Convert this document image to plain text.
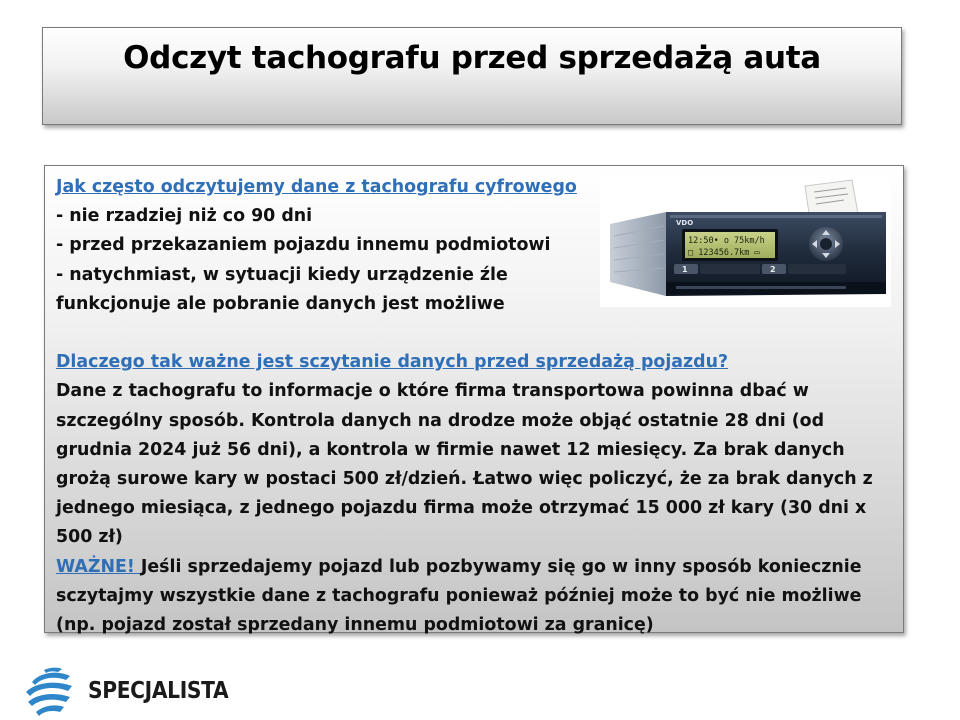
Odczyt tachografu przed sprzedażą auta
Jak często odczytujemy dane z tachografu cyfrowego
- nie rzadziej niż co 90 dni
- przed przekazaniem pojazdu innemu podmiotowi
- natychmiast, w sytuacji kiedy urządzenie źle
funkcjonuje ale pobranie danych jest możliwe
Dlaczego tak ważne jest sczytanie danych przed sprzedażą pojazdu?
Dane z tachografu to informacje o które firma transportowa powinna dbać w
szczególny sposób. Kontrola danych na drodze może objąć ostatnie 28 dni (od
grudnia 2024 już 56 dni), a kontrola w firmie nawet 12 miesięcy. Za brak danych
grożą surowe kary w postaci 500 zł/dzień. Łatwo więc policzyć, że za brak danych z
jednego miesiąca, z jednego pojazdu firma może otrzymać 15 000 zł kary (30 dni x
500 zł)
WAŻNE! Jeśli sprzedajemy pojazd lub pozbywamy się go w inny sposób koniecznie
sczytajmy wszystkie dane z tachografu ponieważ później może to być nie możliwe
(np. pojazd został sprzedany innemu podmiotowi za granicę)
VDO
12:50• o 75km/h
□ 123456.7km ▭
1	2
SPECJALISTA
